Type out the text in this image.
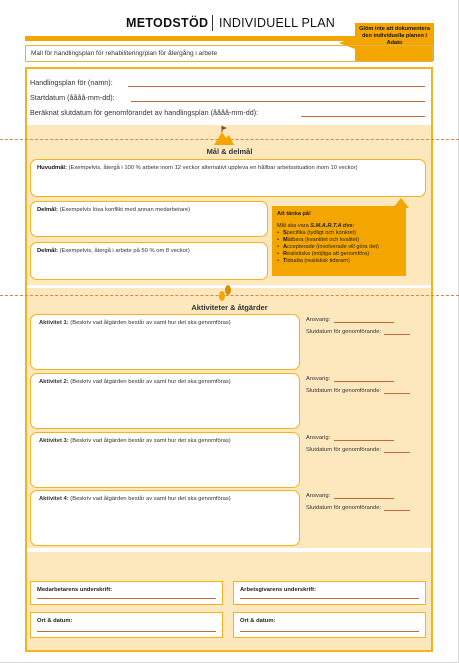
METODSTÖD INDIVIDUELL PLAN	Glöm inte att dokumentera den individuella planen i Adato
Mall för handlingsplan för rehabilitering/plan för återgång i arbete
Handlingsplan för (namn):
Startdatum (åååå-mm-dd):
Beräknat slutdatum för genomförandet av handlingsplan (åååå-mm-dd):
Mål & delmål
Huvudmål: (Exempelvis, återgå i 100 % arbete inom 12 veckor alternativt uppleva en hållbar arbetssituation inom 10 veckor)
Delmål: (Exempelvis lösa konflikt med annan medarbetare)
Delmål: (Exempelvis, återgå i arbete på 50 % om 8 veckor)
Att tänka på!
Mål ska vara S.M.A.R.T.A dvs:
• Specifika (tydligt och konkret)
• Mätbara (kvantitet och kvalitet)
• Accepterade (involverade vill göra det)
• Realistiska (möjliga att genomföra)
• Tidsatta (realistisk tidsram)
Aktiviteter & åtgärder
Aktivitet 1: (Beskriv vad åtgärden består av samt hur det ska genomföras)	Ansvarig:
Slutdatum för genomförande:
Aktivitet 2: (Beskriv vad åtgärden består av samt hur det ska genomföras)	Ansvarig:
Slutdatum för genomförande:
Aktivitet 3: (Beskriv vad åtgärden består av samt hur det ska genomföras)	Ansvarig:
Slutdatum för genomförande:
Aktivitet 4: (Beskriv vad åtgärden består av samt hur det ska genomföras)	Ansvarig:
Slutdatum för genomförande:
Medarbetarens underskrift:	Arbetsgivarens underskrift:
Ort & datum:	Ort & datum:
